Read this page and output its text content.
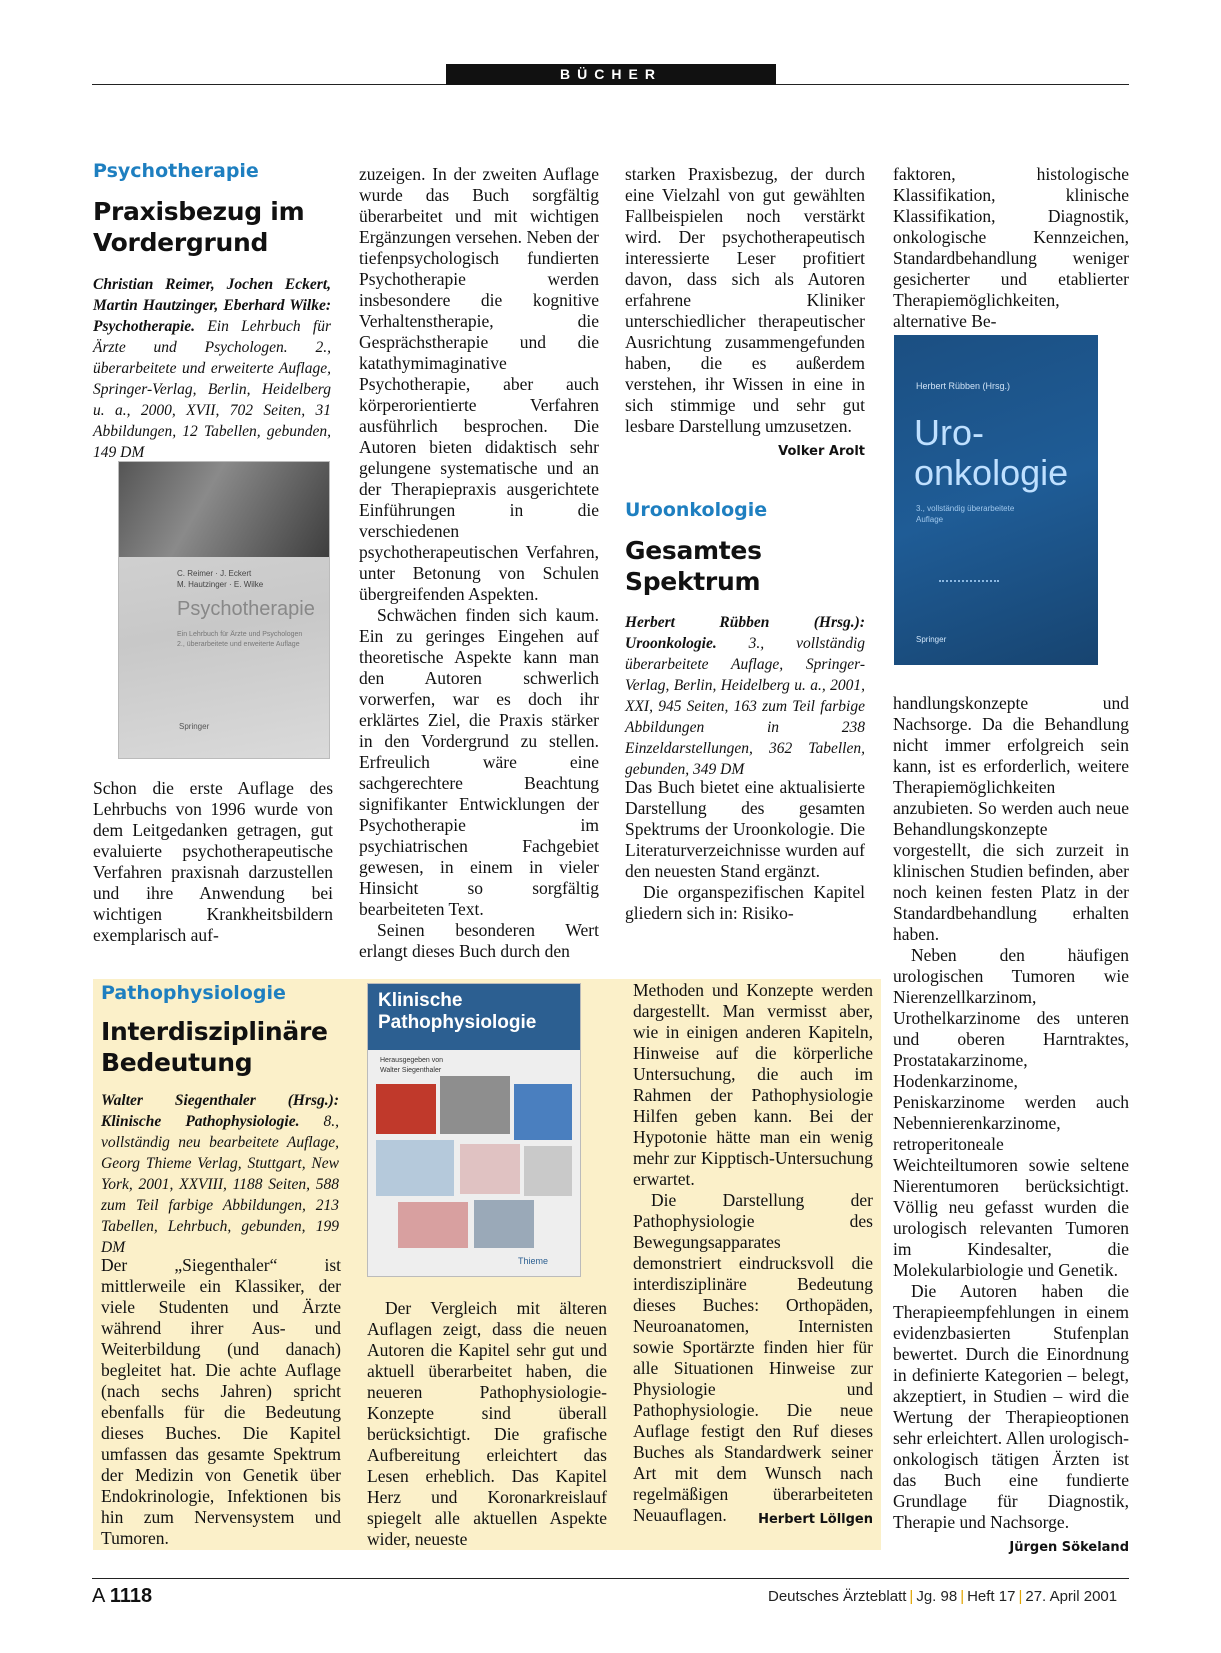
BÜCHER
Psychotherapie
Praxisbezug im Vordergrund
Christian Reimer, Jochen Eckert, Martin Hautzinger, Eberhard Wilke: Psychotherapie. Ein Lehrbuch für Ärzte und Psychologen. 2., überarbeitete und erweiterte Auflage, Springer-Verlag, Berlin, Heidelberg u. a., 2000, XVII, 702 Seiten, 31 Abbildungen, 12 Tabellen, gebunden, 149 DM
C. Reimer · J. Eckert
M. Hautzinger · E. Wilke
Psychotherapie
Ein Lehrbuch für Ärzte und Psychologen
2., überarbeitete und erweiterte Auflage
Springer

Schon die erste Auflage des Lehrbuchs von 1996 wurde von dem Leitgedanken getragen, gut evaluierte psychotherapeutische Verfahren praxisnah darzustellen und ihre Anwendung bei wichtigen Krankheitsbildern exemplarisch auf-

zuzeigen. In der zweiten Auflage wurde das Buch sorgfältig überarbeitet und mit wichtigen Ergänzungen versehen. Neben der tiefenpsychologisch fundierten Psychotherapie werden insbesondere die kognitive Verhaltenstherapie, die Gesprächstherapie und die katathymimaginative Psychotherapie, aber auch körperorientierte Verfahren ausführlich besprochen. Die Autoren bieten didaktisch sehr gelungene systematische und an der Therapiepraxis ausgerichtete Einführungen in die verschiedenen psychotherapeutischen Verfahren, unter Betonung von Schulen übergreifenden Aspekten.

Schwächen finden sich kaum. Ein zu geringes Eingehen auf theoretische Aspekte kann man den Autoren schwerlich vorwerfen, war es doch ihr erklärtes Ziel, die Praxis stärker in den Vordergrund zu stellen. Erfreulich wäre eine sachgerechtere Beachtung signifikanter Entwicklungen der Psychotherapie im psychiatrischen Fachgebiet gewesen, in einem in vieler Hinsicht so sorgfältig bearbeiteten Text.

Seinen besonderen Wert erlangt dieses Buch durch den

starken Praxisbezug, der durch eine Vielzahl von gut gewählten Fallbeispielen noch verstärkt wird. Der psychotherapeutisch interessierte Leser profitiert davon, dass sich als Autoren erfahrene Kliniker unterschiedlicher therapeutischer Ausrichtung zusammengefunden haben, die es außerdem verstehen, ihr Wissen in eine in sich stimmige und sehr gut lesbare Darstellung umzusetzen.
Volker Arolt

Uroonkologie
Gesamtes Spektrum
Herbert Rübben (Hrsg.): Uroonkologie. 3., vollständig überarbeitete Auflage, Springer-Verlag, Berlin, Heidelberg u. a., 2001, XXI, 945 Seiten, 163 zum Teil farbige Abbildungen in 238 Einzeldarstellungen, 362 Tabellen, gebunden, 349 DM

Das Buch bietet eine aktualisierte Darstellung des gesamten Spektrums der Uroonkologie. Die Literaturverzeichnisse wurden auf den neuesten Stand ergänzt.

Die organspezifischen Kapitel gliedern sich in: Risiko-

faktoren, histologische Klassifikation, klinische Klassifikation, Diagnostik, onkologische Kennzeichen, Standardbehandlung weniger gesicherter und etablierter Therapiemöglichkeiten, alternative Be-

Herbert Rübben (Hrsg.)
Uro-
onkologie
3., vollständig überarbeitete Auflage
Springer

handlungskonzepte und Nachsorge. Da die Behandlung nicht immer erfolgreich sein kann, ist es erforderlich, weitere Therapiemöglichkeiten anzubieten. So werden auch neue Behandlungskonzepte vorgestellt, die sich zurzeit in klinischen Studien befinden, aber noch keinen festen Platz in der Standardbehandlung erhalten haben.

Neben den häufigen urologischen Tumoren wie Nierenzellkarzinom, Urothelkarzinome des unteren und oberen Harntraktes, Prostatakarzinome, Hodenkarzinome, Peniskarzinome werden auch Nebennierenkarzinome, retroperitoneale Weichteiltumoren sowie seltene Nierentumoren berücksichtigt. Völlig neu gefasst wurden die urologisch relevanten Tumoren im Kindesalter, die Molekularbiologie und Genetik.

Die Autoren haben die Therapieempfehlungen in einem evidenzbasierten Stufenplan bewertet. Durch die Einordnung in definierte Kategorien – belegt, akzeptiert, in Studien – wird die Wertung der Therapieoptionen sehr erleichtert. Allen urologisch-onkologisch tätigen Ärzten ist das Buch eine fundierte Grundlage für Diagnostik, Therapie und Nachsorge.
Jürgen Sökeland

Pathophysiologie
Interdisziplinäre Bedeutung
Walter Siegenthaler (Hrsg.): Klinische Pathophysiologie. 8., vollständig neu bearbeitete Auflage, Georg Thieme Verlag, Stuttgart, New York, 2001, XXVIII, 1188 Seiten, 588 zum Teil farbige Abbildungen, 213 Tabellen, Lehrbuch, gebunden, 199 DM

Der „Siegenthaler“ ist mittlerweile ein Klassiker, der viele Studenten und Ärzte während ihrer Aus- und Weiterbildung (und danach) begleitet hat. Die achte Auflage (nach sechs Jahren) spricht ebenfalls für die Bedeutung dieses Buches. Die Kapitel umfassen das gesamte Spektrum der Medizin von Genetik über Endokrinologie, Infektionen bis hin zum Nervensystem und Tumoren.

Klinische
Pathophysiologie
Herausgegeben von
Walter Siegenthaler
Thieme

Der Vergleich mit älteren Auflagen zeigt, dass die neuen Autoren die Kapitel sehr gut und aktuell überarbeitet haben, die neueren Pathophysiologie-Konzepte sind überall berücksichtigt. Die grafische Aufbereitung erleichtert das Lesen erheblich. Das Kapitel Herz und Koronarkreislauf spiegelt alle aktuellen Aspekte wider, neueste

Methoden und Konzepte werden dargestellt. Man vermisst aber, wie in einigen anderen Kapiteln, Hinweise auf die körperliche Untersuchung, die auch im Rahmen der Pathophysiologie Hilfen geben kann. Bei der Hypotonie hätte man ein wenig mehr zur Kipptisch-Untersuchung erwartet.

Die Darstellung der Pathophysiologie des Bewegungsapparates demonstriert eindrucksvoll die interdisziplinäre Bedeutung dieses Buches: Orthopäden, Neuroanatomen, Internisten sowie Sportärzte finden hier für alle Situationen Hinweise zur Physiologie und Pathophysiologie. Die neue Auflage festigt den Ruf dieses Buches als Standardwerk seiner Art mit dem Wunsch nach regelmäßigen überarbeiteten Neuauflagen.	Herbert Löllgen

A 1118	Deutsches Ärzteblatt | Jg. 98 | Heft 17 | 27. April 2001
